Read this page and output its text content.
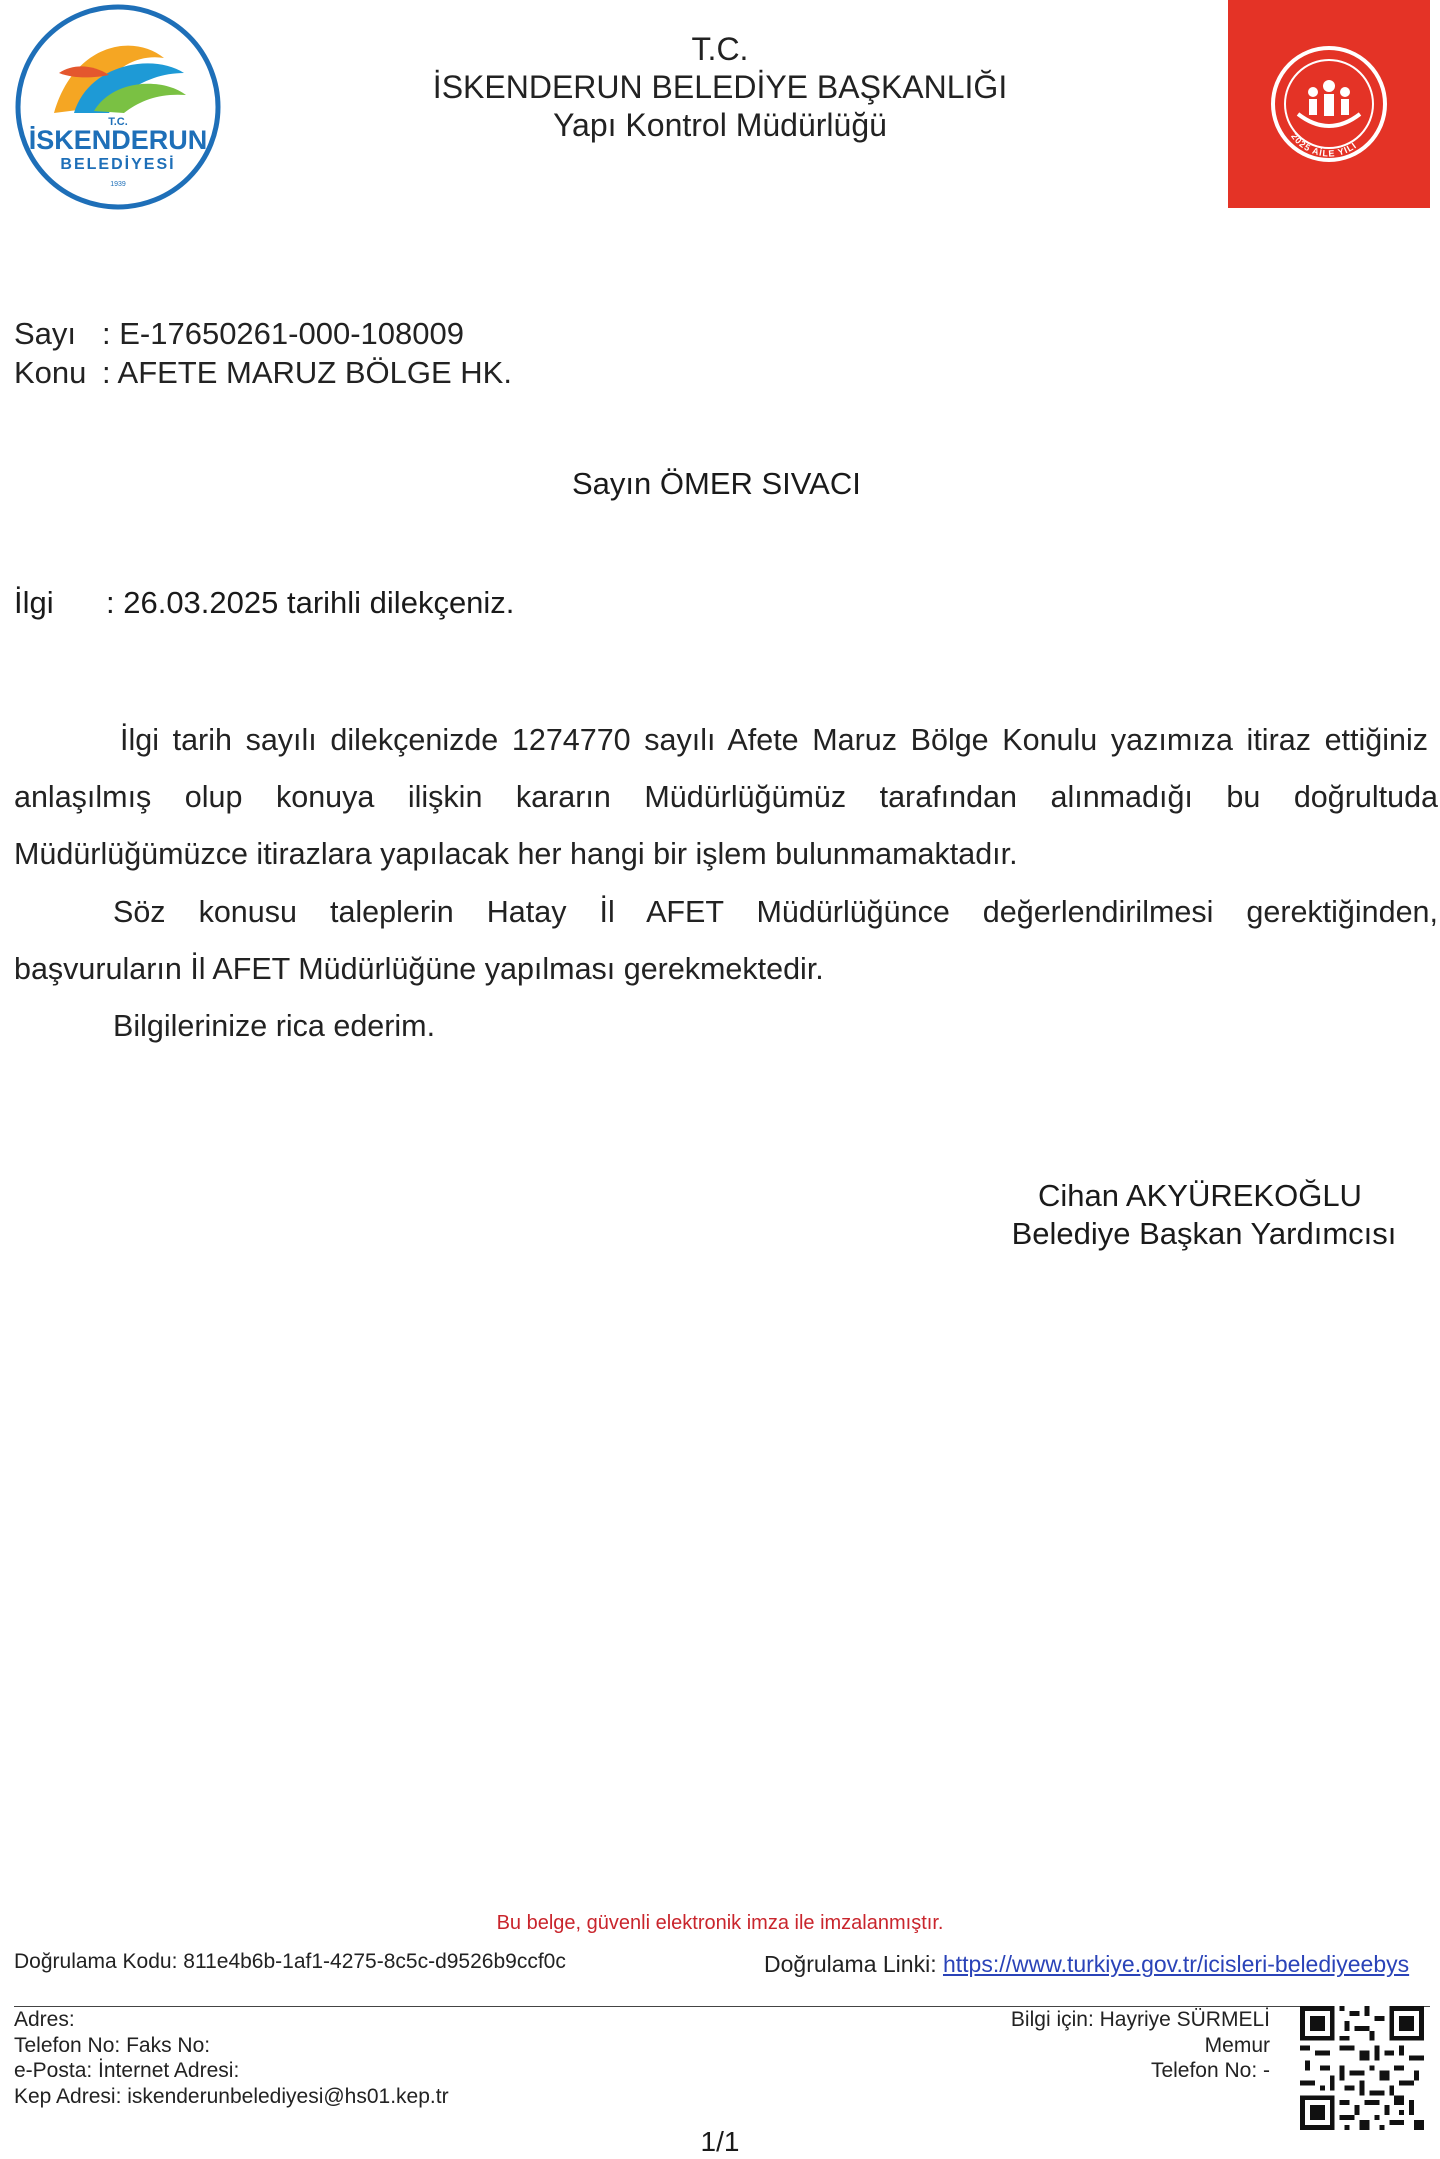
T.C.
İSKENDERUN
BELEDİYESİ
1939
T.C.
İSKENDERUN BELEDİYE BAŞKANLIĞI
Yapı Kontrol Müdürlüğü	2025 AİLE YILI
Sayı : E-17650261-000-108009
Konu : AFETE MARUZ BÖLGE HK.
Sayın ÖMER SIVACI
İlgi : 26.03.2025 tarihli dilekçeniz.
İlgi tarih sayılı dilekçenizde 1274770 sayılı Afete Maruz Bölge Konulu yazımıza itiraz ettiğiniz
anlaşılmış olup konuya ilişkin kararın Müdürlüğümüz tarafından alınmadığı bu doğrultuda
Müdürlüğümüzce itirazlara yapılacak her hangi bir işlem bulunmamaktadır.
Söz konusu taleplerin Hatay İl AFET Müdürlüğünce değerlendirilmesi gerektiğinden,
başvuruların İl AFET Müdürlüğüne yapılması gerekmektedir.
Bilgilerinize rica ederim.
Cihan AKYÜREKOĞLU
Belediye Başkan Yardımcısı
Bu belge, güvenli elektronik imza ile imzalanmıştır.
Doğrulama Kodu: 811e4b6b-1af1-4275-8c5c-d9526b9ccf0c	Doğrulama Linki: https://www.turkiye.gov.tr/icisleri-belediyeebys
Adres:
Telefon No: Faks No:
e-Posta: İnternet Adresi:
Kep Adresi: iskenderunbelediyesi@hs01.kep.tr
Bilgi için: Hayriye SÜRMELİ
Memur
Telefon No: -
1/1
